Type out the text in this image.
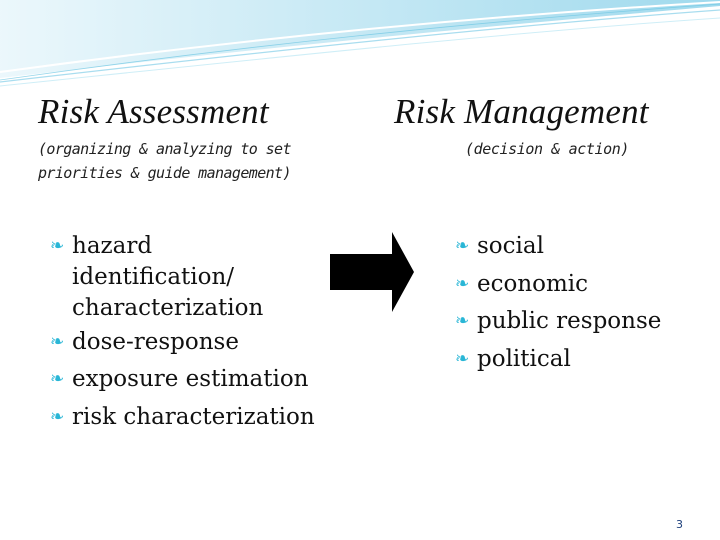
Risk Assessment
(organizing & analyzing to set
priorities & guide management)
Risk Management
(decision & action)
❧ hazard
identification/
characterization
❧ dose-response
❧ exposure estimation
❧ risk characterization
❧ social
❧ economic
❧ public response
❧ political
3
